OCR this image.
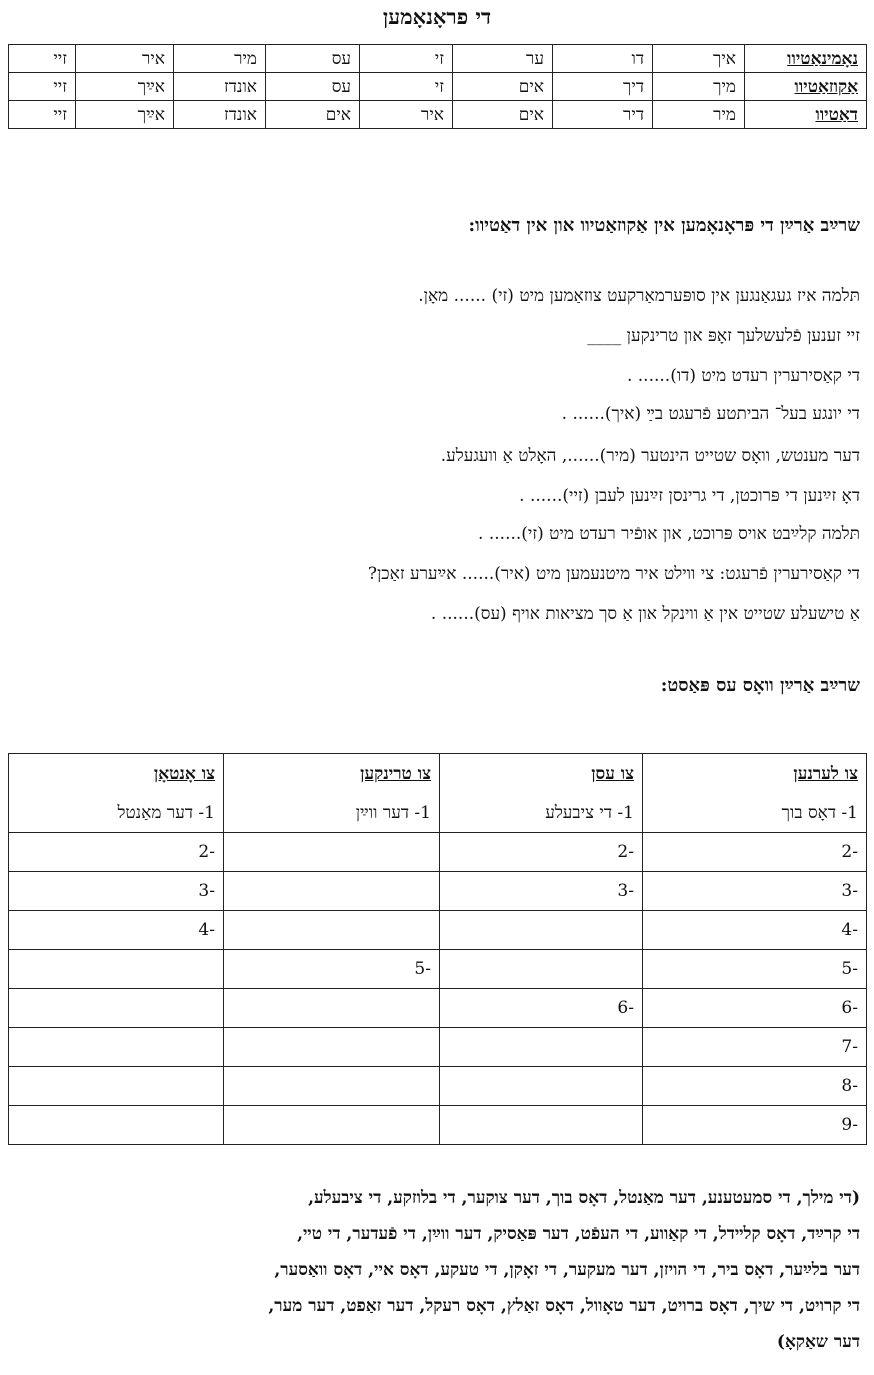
די פראָנאָמען
נאָמינאַטיוו	איך	דו	ער	זי	עס	מיר	איר	זיי
אַקוזאַטיוו	מיך	דיך	אים	זי	עס	אונדז	אײַך	זיי
דאַטיוו	מיר	דיר	אים	איר	אים	אונדז	אײַך	זיי
שרײַב אַרײַן די פּראָנאָמען אין אַקוזאַטיוו און אין דאַטיוו:
תּלמה איז געגאַנגען אין סופּערמאַרקעט צוזאַמען מיט (זי) ...... מאָן.
זיי זענען פֿלעשלעך זאָפּ און טרינקען ____
די קאַסירערין רעדט מיט (דו)...... .
די יונגע בעל־ הביתטע פֿרעגט בײַ (איך)...... .
דער מענטש, וואָס שטייט הינטער (מיר)......, האָלט אַ וועגעלע.
דאָ זײַנען די פּרוכטן, די גרינסן זײַנען לעבן (זיי)...... .
תּלמה קלײַבט אויס פּרוכט, און אופֿיר רעדט מיט (זי)...... .
די קאַסירערין פֿרעגט: צי ווילט איר מיטנעמען מיט (איר)...... אײַערע זאַכן?
אַ טישעלע שטייט אין אַ ווינקל און אַ סך מציאות אויף (עס)...... .
שרײַב אַרײַן וואָס עס פּאַסט:
צו לערנען	צו עסן	צו טרינקען	צו אָנטאָן
1- דאָס בוך	1- די ציבעלע	1- דער ווײַן	1- דער מאַנטל
-2	-2		-2
-3	-3		-3
-4			-4
-5		-5	
-6	-6		
-7			
-8			
-9			
(די מילך, די סמעטענע, דער מאַנטל, דאָס בוך, דער צוקער, די בלוזקע, די ציבעלע,
די קרײַד, דאָס קלײדל, די קאַווע, די העפֿט, דער פּאַסיק, דער ווײַן, די פֿעדער, די טײ,
דער בלײַער, דאָס ביר, די הויזן, דער מעקער, די זאָקן, די טעקע, דאָס איי, דאָס וואַסער,
די קרויט, די שיך, דאָס ברויט, דער טאָוול, דאָס זאַלץ, דאָס רעקל, דער זאַפט, דער מער,
דער שאַקאָ)
